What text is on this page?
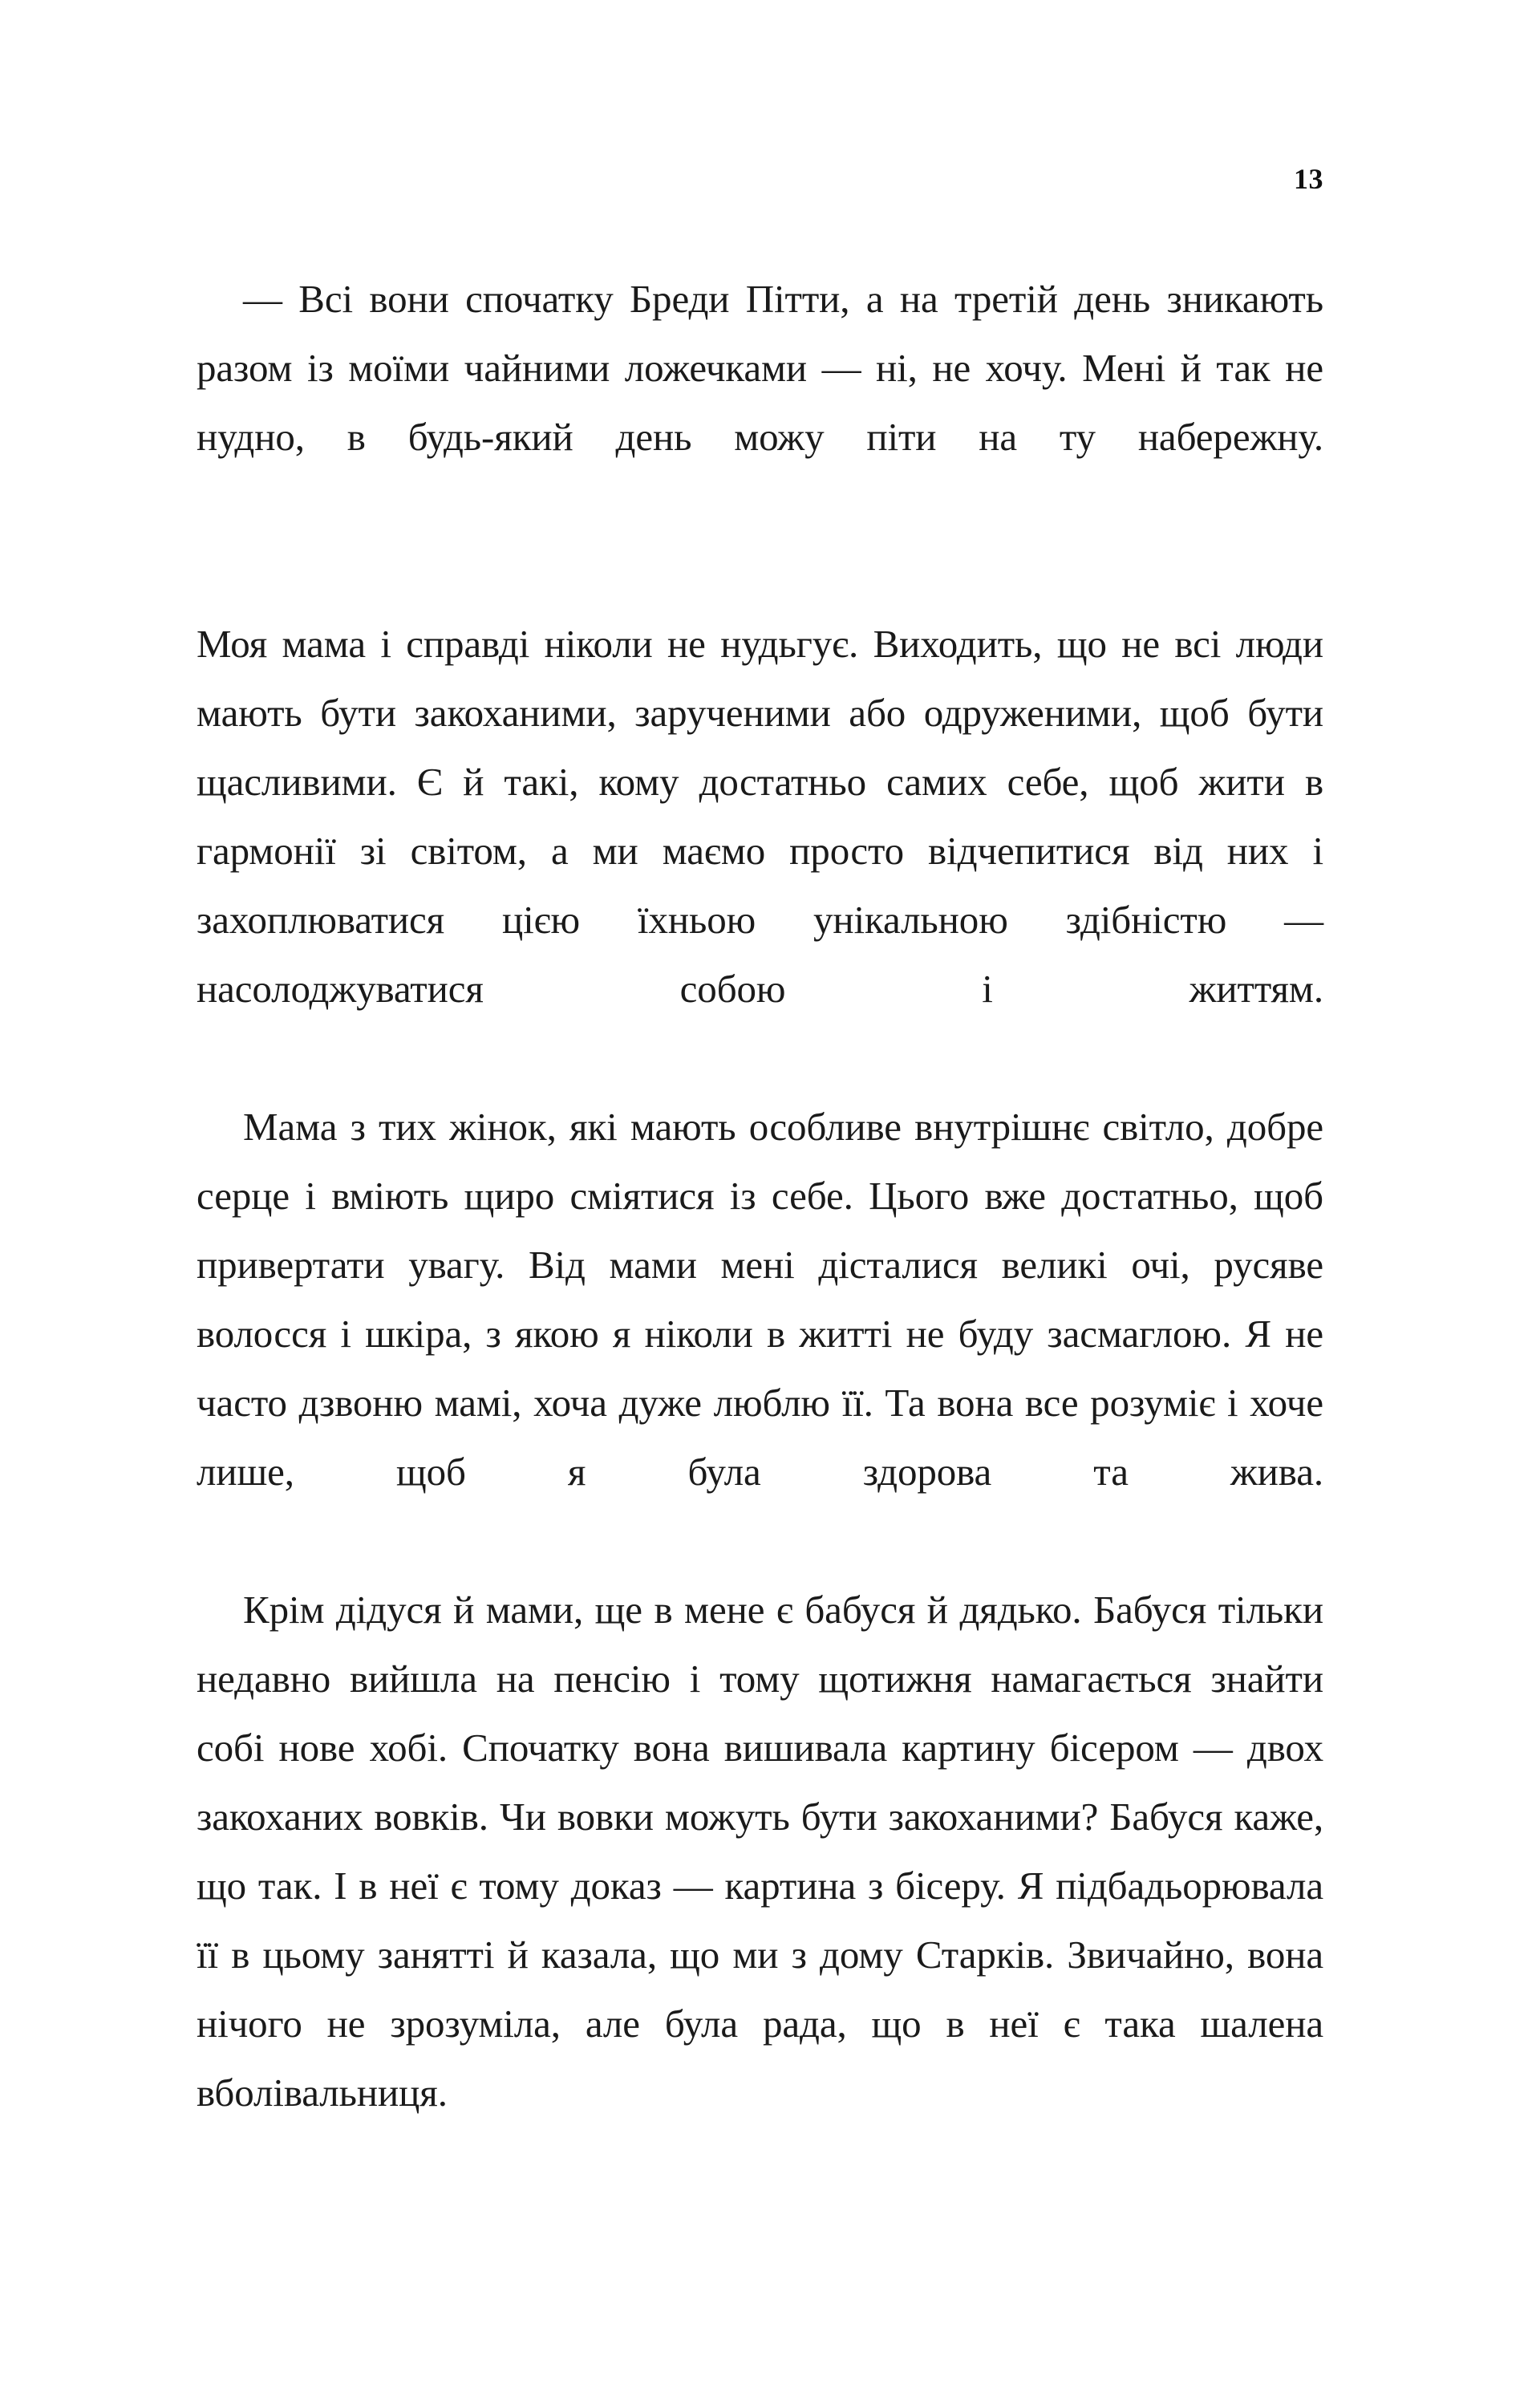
13

— Всі вони спочатку Бреди Пітти, а на третій день зникають разом із моїми чайними ложечками — ні, не хочу. Мені й так не нудно, в будь-який день можу піти на ту набережну.

Моя мама і справді ніколи не нудьгує. Виходить, що не всі люди мають бути закоханими, зарученими або одруженими, щоб бути щасливими. Є й такі, кому достатньо самих себе, щоб жити в гармонії зі світом, а ми маємо просто відчепитися від них і захоплюватися цією їхньою унікальною здібністю — насолоджуватися собою і життям.

Мама з тих жінок, які мають особливе внутрішнє світло, добре серце і вміють щиро сміятися із себе. Цього вже достатньо, щоб привертати увагу. Від мами мені дісталися великі очі, русяве волосся і шкіра, з якою я ніколи в житті не буду засмаглою. Я не часто дзвоню мамі, хоча дуже люблю її. Та вона все розуміє і хоче лише, щоб я була здорова та жива.

Крім дідуся й мами, ще в мене є бабуся й дядько. Бабуся тільки недавно вийшла на пенсію і тому щотижня намагається знайти собі нове хобі. Спочатку вона вишивала картину бісером — двох закоханих вовків. Чи вовки можуть бути закоханими? Бабуся каже, що так. І в неї є тому доказ — картина з бісеру. Я підбадьорювала її в цьому занятті й казала, що ми з дому Старків. Звичайно, вона нічого не зрозуміла, але була рада, що в неї є така шалена вболівальниця.
